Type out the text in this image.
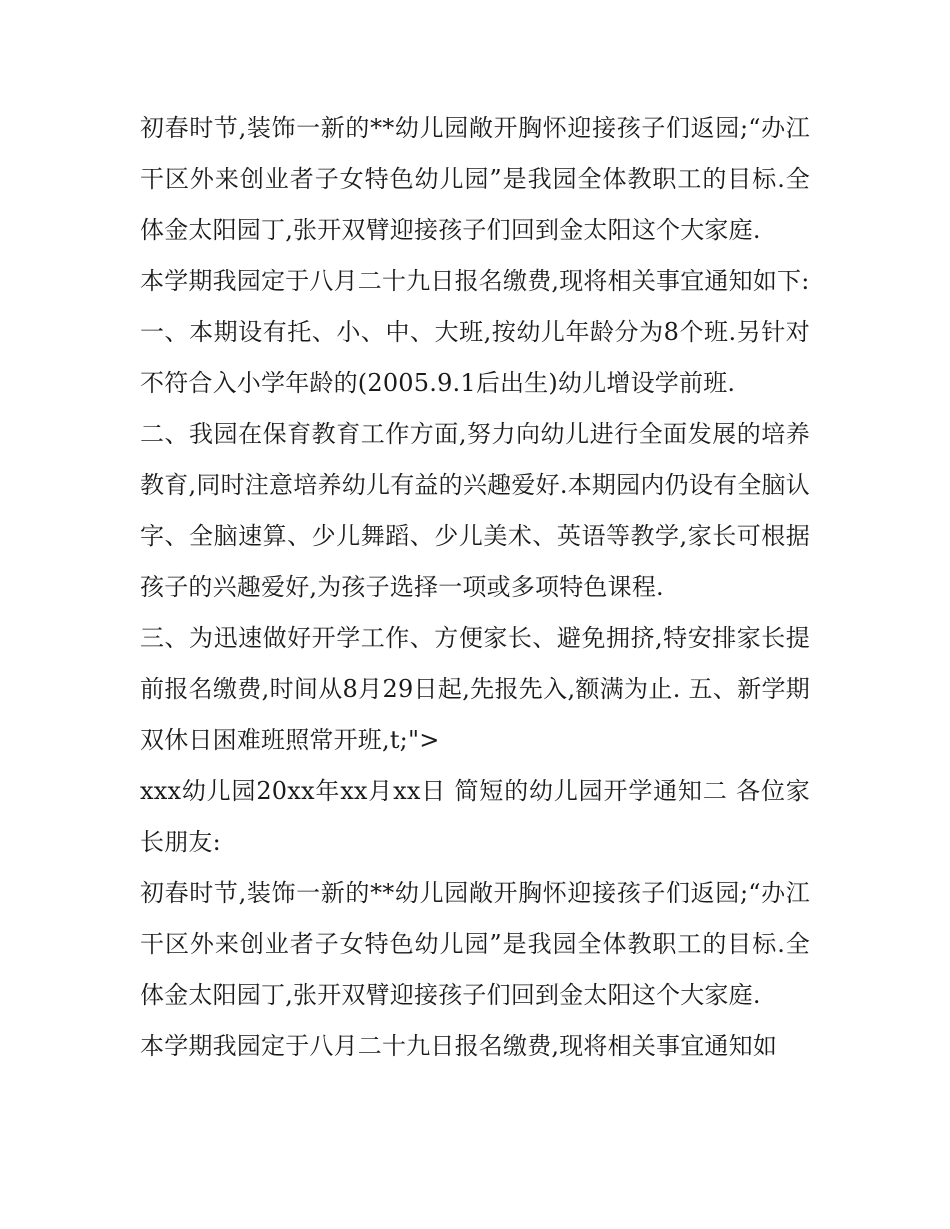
初春时节,装饰一新的**幼儿园敞开胸怀迎接孩子们返园;“办江干区外来创业者子女特色幼儿园”是我园全体教职工的目标.全体金太阳园丁,张开双臂迎接孩子们回到金太阳这个大家庭.

本学期我园定于八月二十九日报名缴费,现将相关事宜通知如下:

一、本期设有托、小、中、大班,按幼儿年龄分为8个班.另针对不符合入小学年龄的(2005.9.1后出生)幼儿增设学前班.

二、我园在保育教育工作方面,努力向幼儿进行全面发展的培养教育,同时注意培养幼儿有益的兴趣爱好.本期园内仍设有全脑认字、全脑速算、少儿舞蹈、少儿美术、英语等教学,家长可根据孩子的兴趣爱好,为孩子选择一项或多项特色课程.

三、为迅速做好开学工作、方便家长、避免拥挤,特安排家长提前报名缴费,时间从8月29日起,先报先入,额满为止. 五、新学期双休日困难班照常开班,t;">

xxx幼儿园20xx年xx月xx日 简短的幼儿园开学通知二 各位家长朋友:

初春时节,装饰一新的**幼儿园敞开胸怀迎接孩子们返园;“办江干区外来创业者子女特色幼儿园”是我园全体教职工的目标.全体金太阳园丁,张开双臂迎接孩子们回到金太阳这个大家庭.

本学期我园定于八月二十九日报名缴费,现将相关事宜通知如
